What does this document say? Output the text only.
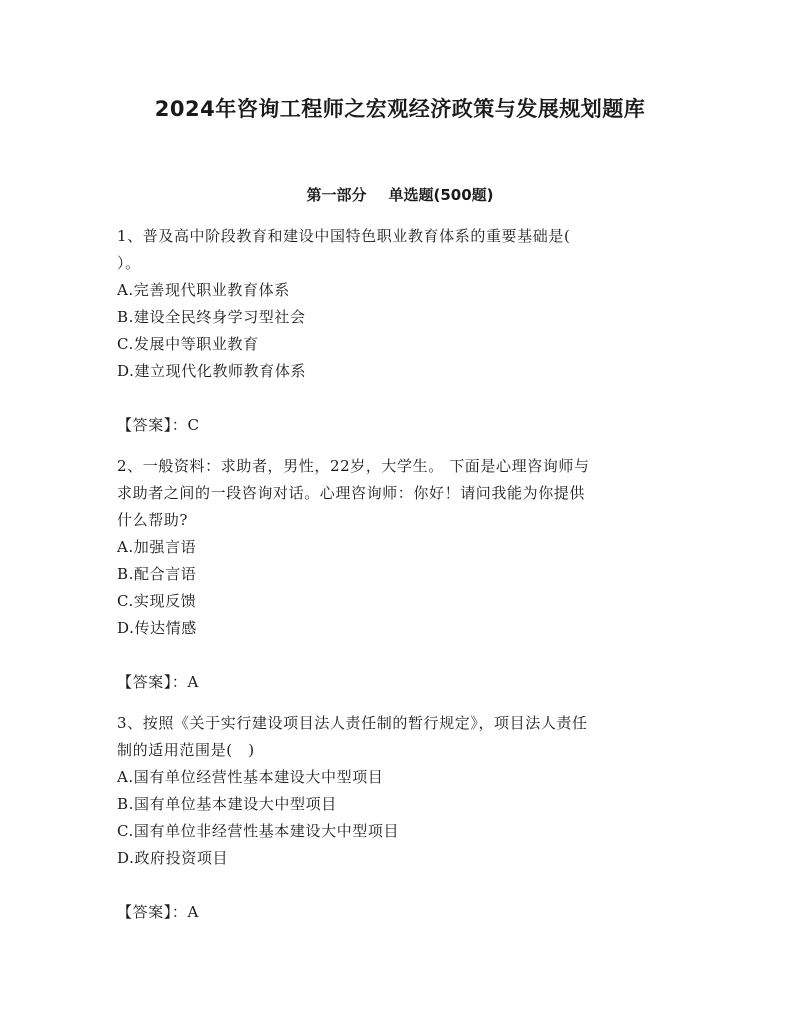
2024年咨询工程师之宏观经济政策与发展规划题库
第一部分 单选题(500题)

1、普及高中阶段教育和建设中国特色职业教育体系的重要基础是(

）。

A.完善现代职业教育体系

B.建设全民终身学习型社会

C.发展中等职业教育

D.建立现代化教师教育体系

【答案】：C

2、一般资料：求助者，男性，22岁，大学生。 下面是心理咨询师与

求助者之间的一段咨询对话。心理咨询师：你好！请问我能为你提供

什么帮助?

A.加强言语

B.配合言语

C.实现反馈

D.传达情感

【答案】：A

3、按照《关于实行建设项目法人责任制的暂行规定》，项目法人责任

制的适用范围是(　)

A.国有单位经营性基本建设大中型项目

B.国有单位基本建设大中型项目

C.国有单位非经营性基本建设大中型项目

D.政府投资项目

【答案】：A
